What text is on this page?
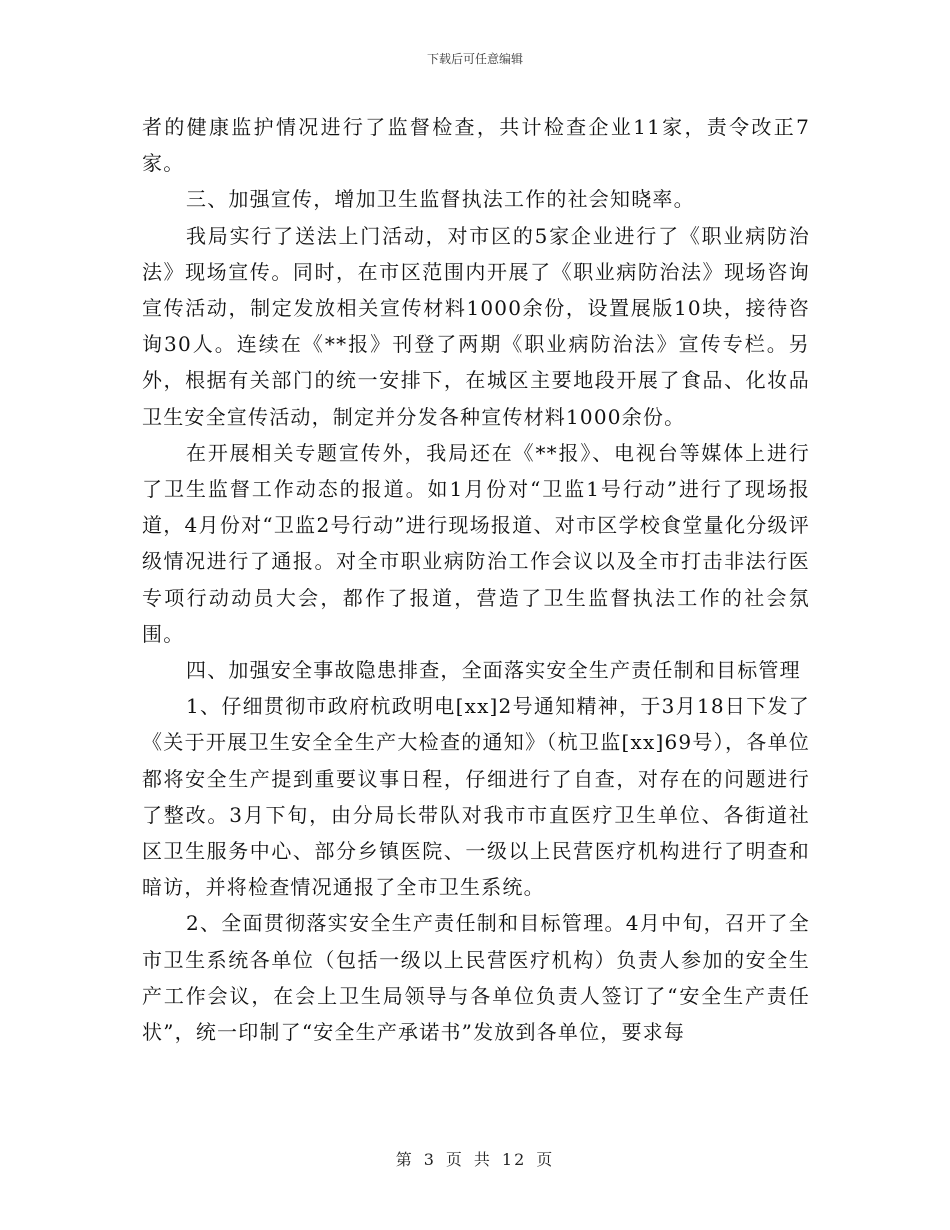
下载后可任意编辑

者的健康监护情况进行了监督检查，共计检查企业11家，责令改正7家。

三、加强宣传，增加卫生监督执法工作的社会知晓率。

我局实行了送法上门活动，对市区的5家企业进行了《职业病防治法》现场宣传。同时，在市区范围内开展了《职业病防治法》现场咨询宣传活动，制定发放相关宣传材料1000余份，设置展版10块，接待咨询30人。连续在《**报》刊登了两期《职业病防治法》宣传专栏。另外，根据有关部门的统一安排下，在城区主要地段开展了食品、化妆品卫生安全宣传活动，制定并分发各种宣传材料1000余份。

在开展相关专题宣传外，我局还在《**报》、电视台等媒体上进行了卫生监督工作动态的报道。如1月份对“卫监1号行动”进行了现场报道，4月份对“卫监2号行动”进行现场报道、对市区学校食堂量化分级评级情况进行了通报。对全市职业病防治工作会议以及全市打击非法行医专项行动动员大会，都作了报道，营造了卫生监督执法工作的社会氛围。

四、加强安全事故隐患排查，全面落实安全生产责任制和目标管理

1、仔细贯彻市政府杭政明电[xx]2号通知精神，于3月18日下发了《关于开展卫生安全全生产大检查的通知》（杭卫监[xx]69号），各单位都将安全生产提到重要议事日程，仔细进行了自查，对存在的问题进行了整改。3月下旬，由分局长带队对我市市直医疗卫生单位、各街道社区卫生服务中心、部分乡镇医院、一级以上民营医疗机构进行了明查和暗访，并将检查情况通报了全市卫生系统。

2、全面贯彻落实安全生产责任制和目标管理。4月中旬，召开了全市卫生系统各单位（包括一级以上民营医疗机构）负责人参加的安全生产工作会议，在会上卫生局领导与各单位负责人签订了“安全生产责任状”，统一印制了“安全生产承诺书”发放到各单位，要求每

第 3 页 共 12 页
